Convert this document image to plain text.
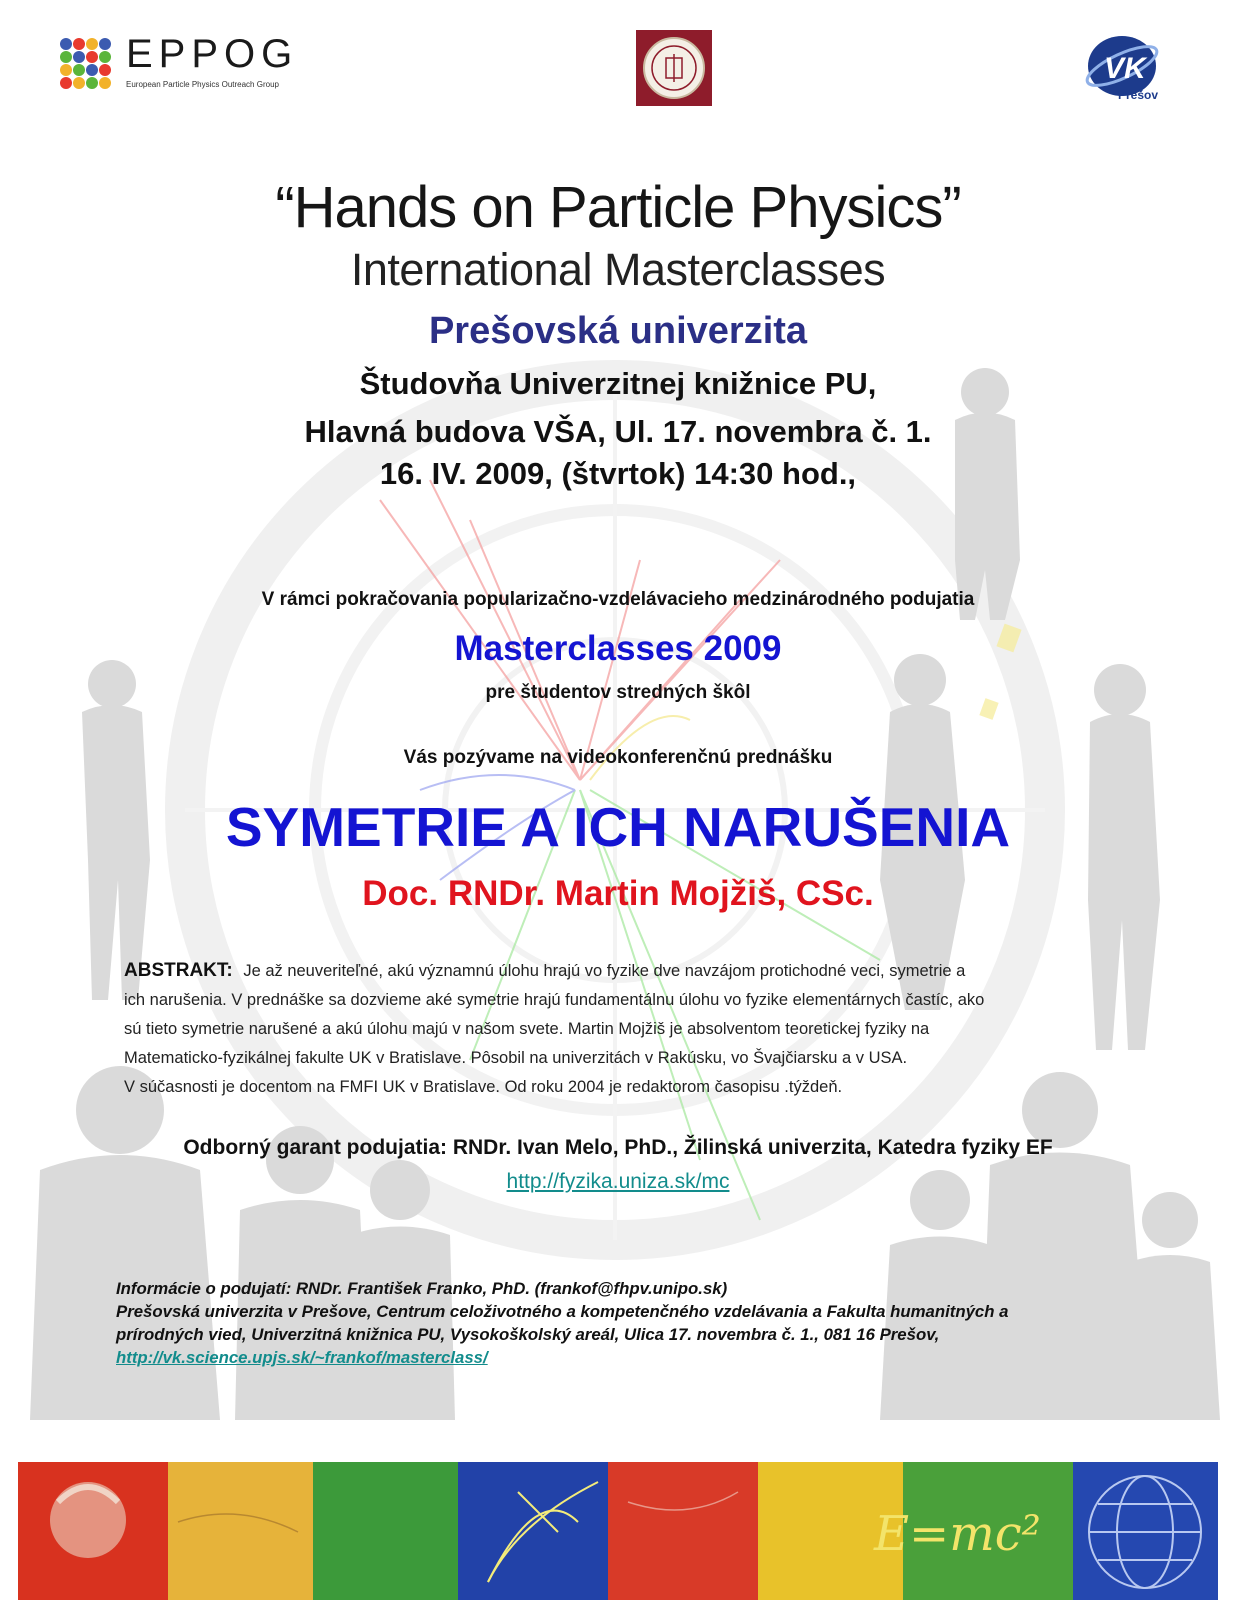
EPPOG
European Particle Physics Outreach Group	VK
Prešov
“Hands on Particle Physics”
International Masterclasses
Prešovská univerzita
Študovňa Univerzitnej knižnice PU,
Hlavná budova VŠA, Ul. 17. novembra č. 1.
16. IV. 2009, (štvrtok) 14:30 hod.,
V rámci pokračovania popularizačno-vzdelávacieho medzinárodného podujatia
Masterclasses 2009
pre študentov stredných škôl
Vás pozývame na videokonferenčnú prednášku
SYMETRIE A ICH NARUŠENIA
Doc. RNDr. Martin Mojžiš, CSc.
ABSTRAKT: Je až neuveriteľné, akú významnú úlohu hrajú vo fyzike dve navzájom protichodné veci, symetrie a
ich narušenia. V prednáške sa dozvieme aké symetrie hrajú fundamentálnu úlohu vo fyzike elementárnych častíc, ako
sú tieto symetrie narušené a akú úlohu majú v našom svete. Martin Mojžiš je absolventom teoretickej fyziky na
Matematicko-fyzikálnej fakulte UK v Bratislave. Pôsobil na univerzitách v Rakúsku, vo Švajčiarsku a v USA.
V súčasnosti je docentom na FMFI UK v Bratislave. Od roku 2004 je redaktorom časopisu .týždeň.
Odborný garant podujatia: RNDr. Ivan Melo, PhD., Žilinská univerzita, Katedra fyziky EF
http://fyzika.uniza.sk/mc
Informácie o podujatí: RNDr. František Franko, PhD. (frankof@fhpv.unipo.sk)
Prešovská univerzita v Prešove, Centrum celoživotného a kompetenčného vzdelávania a Fakulta humanitných a
prírodných vied, Univerzitná knižnica PU, Vysokoškolský areál, Ulica 17. novembra č. 1., 081 16 Prešov,
http://vk.science.upjs.sk/~frankof/masterclass/
E=mc²
